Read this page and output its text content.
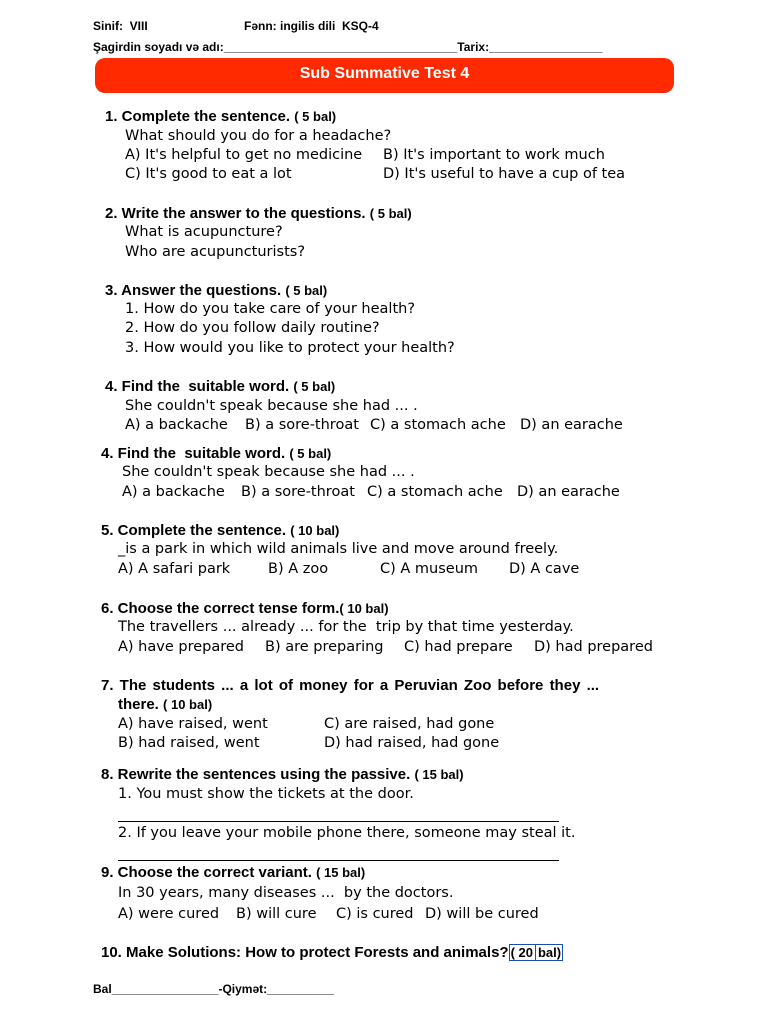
Sinif:  VIII	Fənn: ingilis dili  KSQ-4
Şagirdin soyadı və adı:___________________________________Tarix:_________________
Sub Summative Test 4
1. Complete the sentence. ( 5 bal)
What should you do for a headache?
A) It's helpful to get no medicine B) It's important to work much
C) It's good to eat a lot	D) It's useful to have a cup of tea
2. Write the answer to the questions. ( 5 bal)
What is acupuncture?
Who are acupuncturists?
3. Answer the questions. ( 5 bal)
1. How do you take care of your health?
2. How do you follow daily routine?
3. How would you like to protect your health?
4. Find the  suitable word. ( 5 bal)
She couldn't speak because she had ... .
A) a backache B) a sore-throat C) a stomach ache D) an earache
4. Find the  suitable word. ( 5 bal)
She couldn't speak because she had ... .
A) a backache B) a sore-throat C) a stomach ache D) an earache
5. Complete the sentence. ( 10 bal)
_is a park in which wild animals live and move around freely.
A) A safari park	B) A zoo	C) A museum D) A cave
6. Choose the correct tense form.( 10 bal)
The travellers ... already ... for the  trip by that time yesterday.
A) have prepared B) are preparing C) had prepare D) had prepared
7. The students ... a lot of money for a Peruvian Zoo before they ...
there. ( 10 bal)
A) have raised, went	C) are raised, had gone
B) had raised, went	D) had raised, had gone
8. Rewrite the sentences using the passive. ( 15 bal)
1. You must show the tickets at the door.
2. If you leave your mobile phone there, someone may steal it.
9. Choose the correct variant. ( 15 bal)
In 30 years, many diseases ...  by the doctors.
A) were cured B) will cure C) is cured D) will be cured
10. Make Solutions: How to protect Forests and animals? ( 20 bal)
Bal________________-Qiymət:__________
